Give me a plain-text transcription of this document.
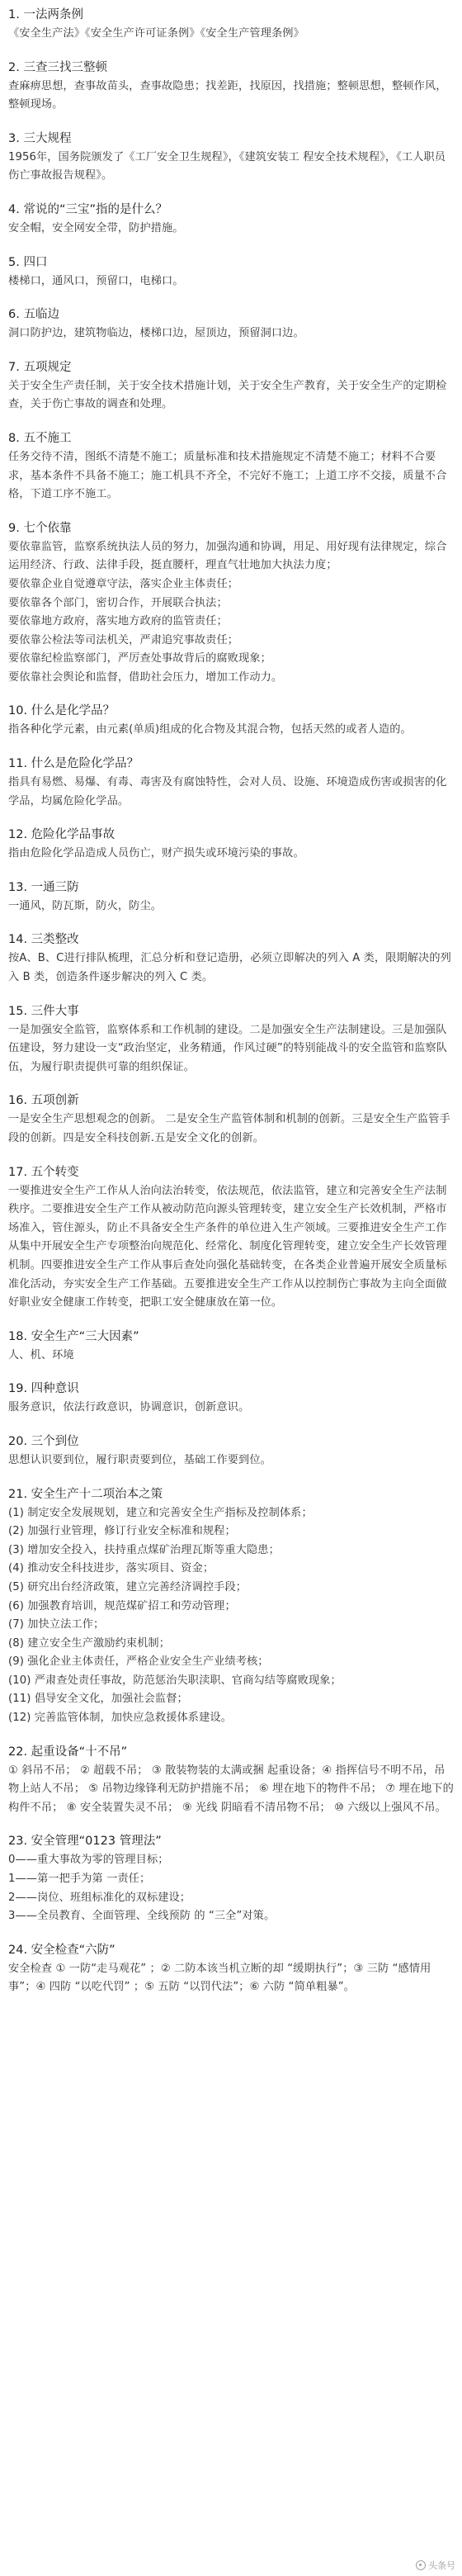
1. 一法两条例
《安全生产法》《安全生产许可证条例》《安全生产管理条例》
2. 三查三找三整顿
查麻痹思想，查事故苗头，查事故隐患；找差距，找原因，找措施；整顿思想，整顿作风，整顿现场。
3. 三大规程
1956年，国务院颁发了《工厂安全卫生规程》，《建筑安装工 程安全技术规程》，《工人职员伤亡事故报告规程》。
4. 常说的“三宝”指的是什么？
安全帽，安全网安全带，防护措施。
5. 四口
楼梯口，通风口，预留口，电梯口。
6. 五临边
洞口防护边，建筑物临边，楼梯口边，屋顶边，预留洞口边。
7. 五项规定
关于安全生产责任制，关于安全技术措施计划，关于安全生产教育，关于安全生产的定期检查，关于伤亡事故的调查和处理。
8. 五不施工
任务交待不清，图纸不清楚不施工；质量标准和技术措施规定不清楚不施工；材料不合要求，基本条件不具备不施工；施工机具不齐全，不完好不施工；上道工序不交接，质量不合格，下道工序不施工。
9. 七个依靠
要依靠监管，监察系统执法人员的努力，加强沟通和协调，用足、用好现有法律规定，综合运用经济、行政、法律手段，挺直腰杆，理直气壮地加大执法力度；
要依靠企业自觉遵章守法，落实企业主体责任；
要依靠各个部门，密切合作，开展联合执法；
要依靠地方政府，落实地方政府的监管责任；
要依靠公检法等司法机关，严肃追究事故责任；
要依靠纪检监察部门，严厉查处事故背后的腐败现象；
要依靠社会舆论和监督，借助社会压力，增加工作动力。
10. 什么是化学品？
指各种化学元素，由元素(单质)组成的化合物及其混合物，包括天然的或者人造的。
11. 什么是危险化学品？
指具有易燃、易爆、有毒、毒害及有腐蚀特性，会对人员、设施、环境造成伤害或损害的化学品，均属危险化学品。
12. 危险化学品事故
指由危险化学品造成人员伤亡，财产损失或环境污染的事故。
13. 一通三防
一通风，防瓦斯，防火，防尘。
14. 三类整改
按A、B、C进行排队梳理，汇总分析和登记造册，必须立即解决的列入 A 类，限期解决的列入 B 类，创造条件逐步解决的列入 C 类。
15. 三件大事
一是加强安全监管，监察体系和工作机制的建设。二是加强安全生产法制建设。三是加强队伍建设，努力建设一支“政治坚定，业务精通，作风过硬”的特别能战斗的安全监管和监察队伍，为履行职责提供可靠的组织保证。
16. 五项创新
一是安全生产思想观念的创新。 二是安全生产监管体制和机制的创新。三是安全生产监管手段的创新。四是安全科技创新.五是安全文化的创新。
17. 五个转变
一要推进安全生产工作从人治向法治转变，依法规范，依法监管，建立和完善安全生产法制秩序。二要推进安全生产工作从被动防范向源头管理转变，建立安全生产长效机制，严格市场准入，管住源头，防止不具备安全生产条件的单位进入生产领域。三要推进安全生产工作从集中开展安全生产专项整治向规范化、经常化、制度化管理转变，建立安全生产长效管理机制。四要推进安全生产工作从事后查处向强化基础转变，在各类企业普遍开展安全质量标准化活动，夯实安全生产工作基础。五要推进安全生产工作从以控制伤亡事故为主向全面做好职业安全健康工作转变，把职工安全健康放在第一位。
18. 安全生产“三大因素”
人、机、环境
19. 四种意识
服务意识，依法行政意识，协调意识，创新意识。
20. 三个到位
思想认识要到位，履行职责要到位，基础工作要到位。
21. 安全生产十二项治本之策
(1) 制定安全发展规划，建立和完善安全生产指标及控制体系；
(2) 加强行业管理，修订行业安全标准和规程；
(3) 增加安全投入，扶持重点煤矿治理瓦斯等重大隐患；
(4) 推动安全科技进步，落实项目、资金；
(5) 研究出台经济政策，建立完善经济调控手段；
(6) 加强教育培训，规范煤矿招工和劳动管理；
(7) 加快立法工作；
(8) 建立安全生产激励约束机制；
(9) 强化企业主体责任，严格企业安全生产业绩考核；
(10) 严肃查处责任事故，防范惩治失职渎职、官商勾结等腐败现象；
(11) 倡导安全文化，加强社会监督；
(12) 完善监管体制，加快应急救援体系建设。
22. 起重设备“十不吊”
① 斜吊不吊； ② 超载不吊； ③ 散装物装的太满或捆 起重设备；④ 指挥信号不明不吊，吊物上站人不吊； ⑤ 吊物边缘锋利无防护措施不吊； ⑥ 埋在地下的物件不吊； ⑦ 埋在地下的构件不吊； ⑧ 安全装置失灵不吊； ⑨ 光线 阴暗看不清吊物不吊； ⑩ 六级以上强风不吊。
23. 安全管理“0123 管理法”
0——重大事故为零的管理目标；
1——第一把手为第 一责任；
2——岗位、班组标准化的双标建设；
3——全员教育、全面管理、全线预防 的 “三全”对策。
24. 安全检查“六防”
安全检查 ① 一防“走马观花” ；② 二防本该当机立断的却 “缓期执行”；③ 三防 “感情用事”；④ 四防 “以吃代罚” ；⑤ 五防 “以罚代法”；⑥ 六防 “简单粗暴”。
头条号
